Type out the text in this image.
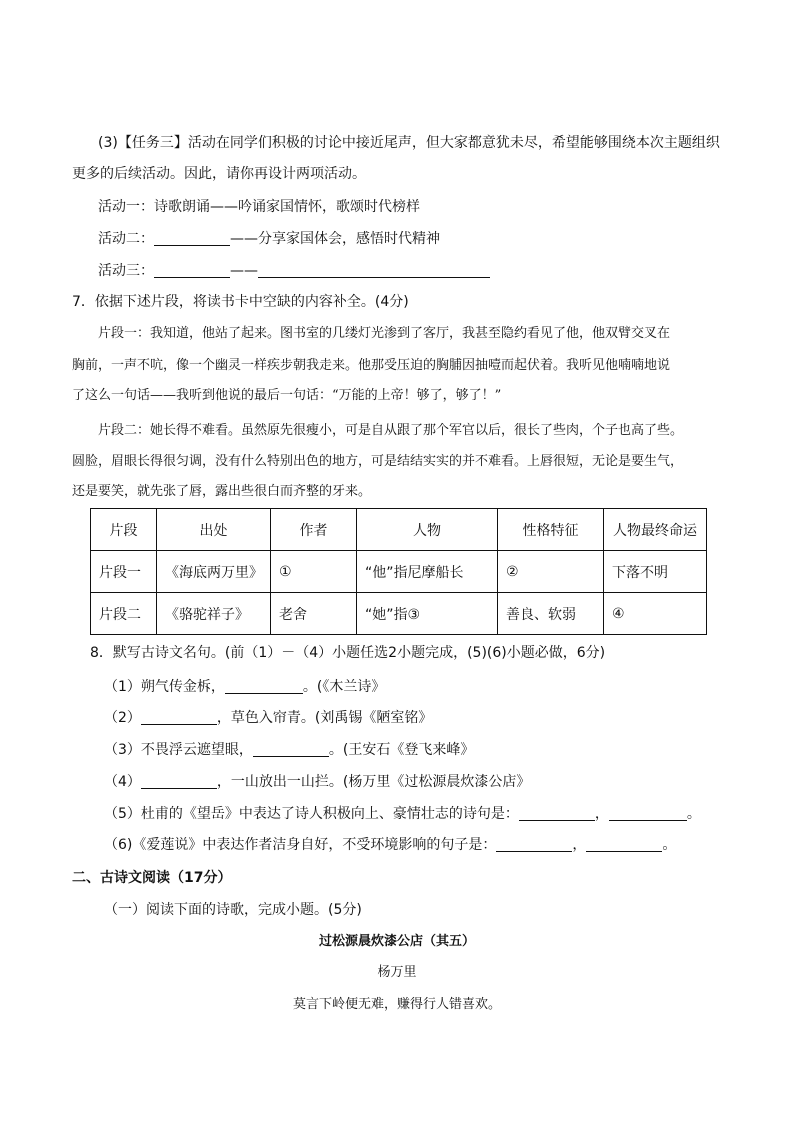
(3)【任务三】活动在同学们积极的讨论中接近尾声，但大家都意犹未尽，希望能够围绕本次主题组织
更多的后续活动。因此，请你再设计两项活动。
活动一：诗歌朗诵——吟诵家国情怀，歌颂时代榜样
活动二：	——分享家国体会，感悟时代精神
活动三：	——
7．依据下述片段，将读书卡中空缺的内容补全。(4分)
片段一：我知道，他站了起来。图书室的几缕灯光渗到了客厅，我甚至隐约看见了他，他双臂交叉在
胸前，一声不吭，像一个幽灵一样疾步朝我走来。他那受压迫的胸脯因抽噎而起伏着。我听见他喃喃地说
了这么一句话——我听到他说的最后一句话：“万能的上帝！够了，够了！”
片段二：她长得不难看。虽然原先很瘦小，可是自从跟了那个军官以后，很长了些肉，个子也高了些。
圆脸，眉眼长得很匀调，没有什么特别出色的地方，可是结结实实的并不难看。上唇很短，无论是要生气，
还是要笑，就先张了唇，露出些很白而齐整的牙来。
片段	出处	作者	人物	性格特征	人物最终命运
片段一	《海底两万里》	①	“他”指尼摩船长	②	下落不明
片段二	《骆驼祥子》	老舍	“她”指③	善良、软弱	④
8．默写古诗文名句。(前（1）－（4）小题任选2小题完成，(5)(6)小题必做，6分)
（1）朔气传金柝，	。(《木兰诗》
（2）	，草色入帘青。(刘禹锡《陋室铭》
（3）不畏浮云遮望眼，	。(王安石《登飞来峰》
（4）	，一山放出一山拦。(杨万里《过松源晨炊漆公店》
（5）杜甫的《望岳》中表达了诗人积极向上、豪情壮志的诗句是：	，	。
（6)《爱莲说》中表达作者洁身自好，不受环境影响的句子是：	，	。
二、古诗文阅读（17分）
（一）阅读下面的诗歌，完成小题。(5分)
过松源晨炊漆公店（其五）
杨万里
莫言下岭便无难，赚得行人错喜欢。
